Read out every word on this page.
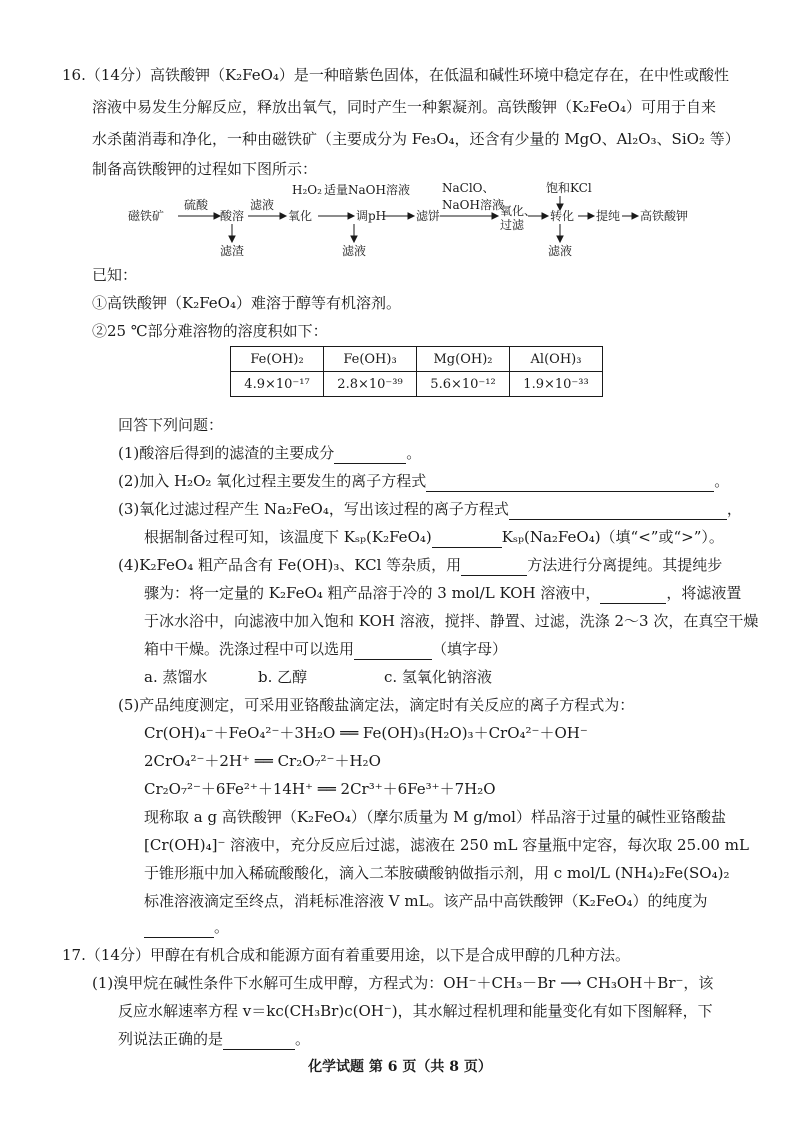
16.（14分）高铁酸钾（K₂FeO₄）是一种暗紫色固体，在低温和碱性环境中稳定存在，在中性或酸性
溶液中易发生分解反应，释放出氧气，同时产生一种絮凝剂。高铁酸钾（K₂FeO₄）可用于自来
水杀菌消毒和净化，一种由磁铁矿（主要成分为 Fe₃O₄，还含有少量的 MgO、Al₂O₃、SiO₂ 等）
制备高铁酸钾的过程如下图所示：
磁铁矿
硫酸
酸溶
滤液
氧化
H₂O₂ 适量NaOH溶液
调pH 滤饼
NaClO、
NaOH溶液
氧化、
过滤
饱和KCl
转化 提纯 高铁酸钾
滤渣	滤液	滤液
已知：
①高铁酸钾（K₂FeO₄）难溶于醇等有机溶剂。
②25 ℃部分难溶物的溶度积如下：
Fe(OH)₂	Fe(OH)₃	Mg(OH)₂	Al(OH)₃
4.9×10⁻¹⁷	2.8×10⁻³⁹	5.6×10⁻¹²	1.9×10⁻³³
回答下列问题：
(1)酸溶后得到的滤渣的主要成分	。
(2)加入 H₂O₂ 氧化过程主要发生的离子方程式	。
(3)氧化过滤过程产生 Na₂FeO₄，写出该过程的离子方程式	，
根据制备过程可知，该温度下 Kₛₚ(K₂FeO₄)	Kₛₚ(Na₂FeO₄)（填“<”或“>”）。
(4)K₂FeO₄ 粗产品含有 Fe(OH)₃、KCl 等杂质，用	方法进行分离提纯。其提纯步
骤为：将一定量的 K₂FeO₄ 粗产品溶于冷的 3 mol/L KOH 溶液中，	，将滤液置
于冰水浴中，向滤液中加入饱和 KOH 溶液，搅拌、静置、过滤，洗涤 2～3 次，在真空干燥
箱中干燥。洗涤过程中可以选用	（填字母）
a. 蒸馏水	b. 乙醇	c. 氢氧化钠溶液
(5)产品纯度测定，可采用亚铬酸盐滴定法，滴定时有关反应的离子方程式为：
Cr(OH)₄⁻＋FeO₄²⁻＋3H₂O ══ Fe(OH)₃(H₂O)₃＋CrO₄²⁻＋OH⁻
2CrO₄²⁻＋2H⁺ ══ Cr₂O₇²⁻＋H₂O
Cr₂O₇²⁻＋6Fe²⁺＋14H⁺ ══ 2Cr³⁺＋6Fe³⁺＋7H₂O
现称取 a g 高铁酸钾（K₂FeO₄）（摩尔质量为 M g/mol）样品溶于过量的碱性亚铬酸盐
[Cr(OH)₄]⁻ 溶液中，充分反应后过滤，滤液在 250 mL 容量瓶中定容，每次取 25.00 mL
于锥形瓶中加入稀硫酸酸化，滴入二苯胺磺酸钠做指示剂，用 c mol/L (NH₄)₂Fe(SO₄)₂
标准溶液滴定至终点，消耗标准溶液 V mL。该产品中高铁酸钾（K₂FeO₄）的纯度为
。
17.（14分）甲醇在有机合成和能源方面有着重要用途，以下是合成甲醇的几种方法。
(1)溴甲烷在碱性条件下水解可生成甲醇，方程式为：OH⁻＋CH₃－Br ⟶ CH₃OH＋Br⁻，该
反应水解速率方程 v＝kc(CH₃Br)c(OH⁻)，其水解过程机理和能量变化有如下图解释，下
列说法正确的是	。
化学试题 第 6 页（共 8 页）
